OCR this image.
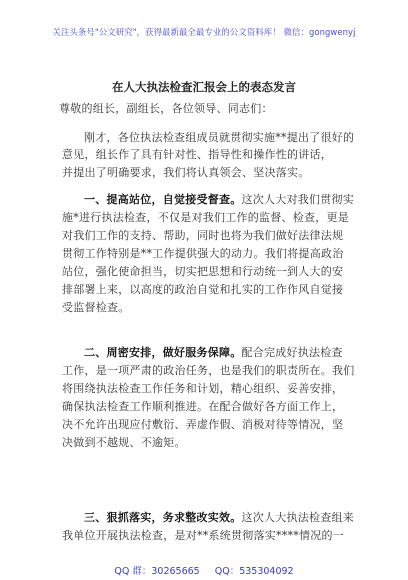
关注头条号"公文研究"，获得最新最全最专业的公文资料库！ 微信：gongwenyj
在人大执法检查汇报会上的表态发言
尊敬的组长，副组长，各位领导、同志们：
刚才，各位执法检查组成员就贯彻实施**提出了很好的
意见，组长作了具有针对性、指导性和操作性的讲话，
并提出了明确要求，我们将认真领会、坚决落实。
一、提高站位，自觉接受督查。这次人大对我们贯彻实
施*进行执法检查，不仅是对我们工作的监督、检查，更是
对我们工作的支持、帮助，同时也将为我们做好法律法规
贯彻工作特别是**工作提供强大的动力。我们将提高政治
站位，强化使命担当，切实把思想和行动统一到人大的安
排部署上来，以高度的政治自觉和扎实的工作作风自觉接
受监督检查。
二、周密安排，做好服务保障。配合完成好执法检查
工作，是一项严肃的政治任务，也是我们的职责所在。我们
将围绕执法检查工作任务和计划，精心组织、妥善安排，
确保执法检查工作顺利推进。在配合做好各方面工作上，
决不允许出现应付敷衍、弄虚作假、消极对待等情况，坚
决做到不越规、不逾矩。
三、狠抓落实，务求整改实效。这次人大执法检查组来
我单位开展执法检查，是对**系统贯彻落实****情况的一
QQ 群：30265665 QQ：535304092
